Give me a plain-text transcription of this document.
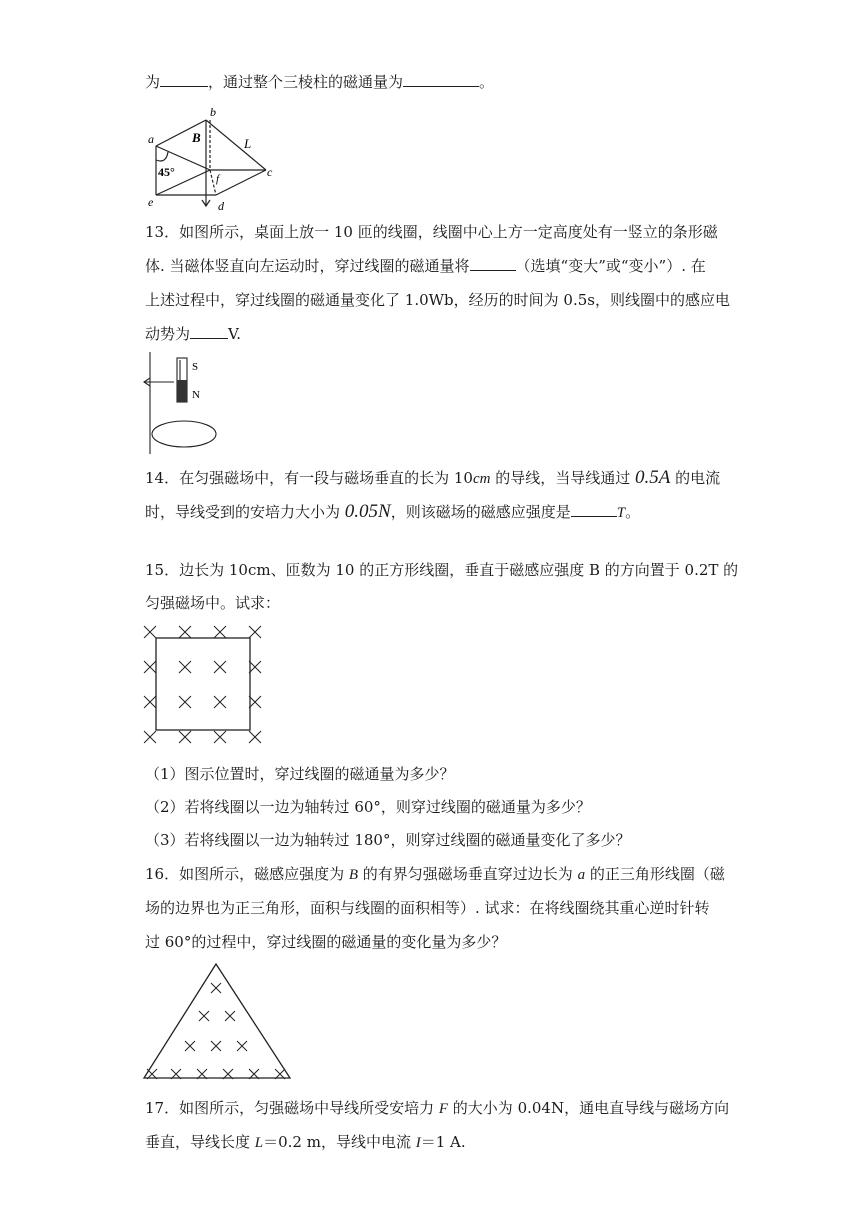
为	，通过整个三棱柱的磁通量为	。
a
b
c
d
e
f
B	L
45°
13．如图所示，桌面上放一 10 匝的线圈，线圈中心上方一定高度处有一竖立的条形磁
体. 当磁体竖直向左运动时，穿过线圈的磁通量将	（选填“变大”或“变小”）. 在
上述过程中，穿过线圈的磁通量变化了 1.0Wb，经历的时间为 0.5s，则线圈中的感应电
动势为	V.
S
N
14．在匀强磁场中，有一段与磁场垂直的长为 10cm 的导线，当导线通过 0.5A 的电流
时，导线受到的安培力大小为 0.05N，则该磁场的磁感应强度是	T。
15．边长为 10cm、匝数为 10 的正方形线圈，垂直于磁感应强度 B 的方向置于 0.2T 的
匀强磁场中。试求：
（1）图示位置时，穿过线圈的磁通量为多少？
（2）若将线圈以一边为轴转过 60°，则穿过线圈的磁通量为多少？
（3）若将线圈以一边为轴转过 180°，则穿过线圈的磁通量变化了多少？
16．如图所示，磁感应强度为 B 的有界匀强磁场垂直穿过边长为 a 的正三角形线圈（磁
场的边界也为正三角形，面积与线圈的面积相等）. 试求：在将线圈绕其重心逆时针转
过 60°的过程中，穿过线圈的磁通量的变化量为多少？
17．如图所示，匀强磁场中导线所受安培力 F 的大小为 0.04N，通电直导线与磁场方向
垂直，导线长度 L＝0.2 m，导线中电流 I＝1 A.
